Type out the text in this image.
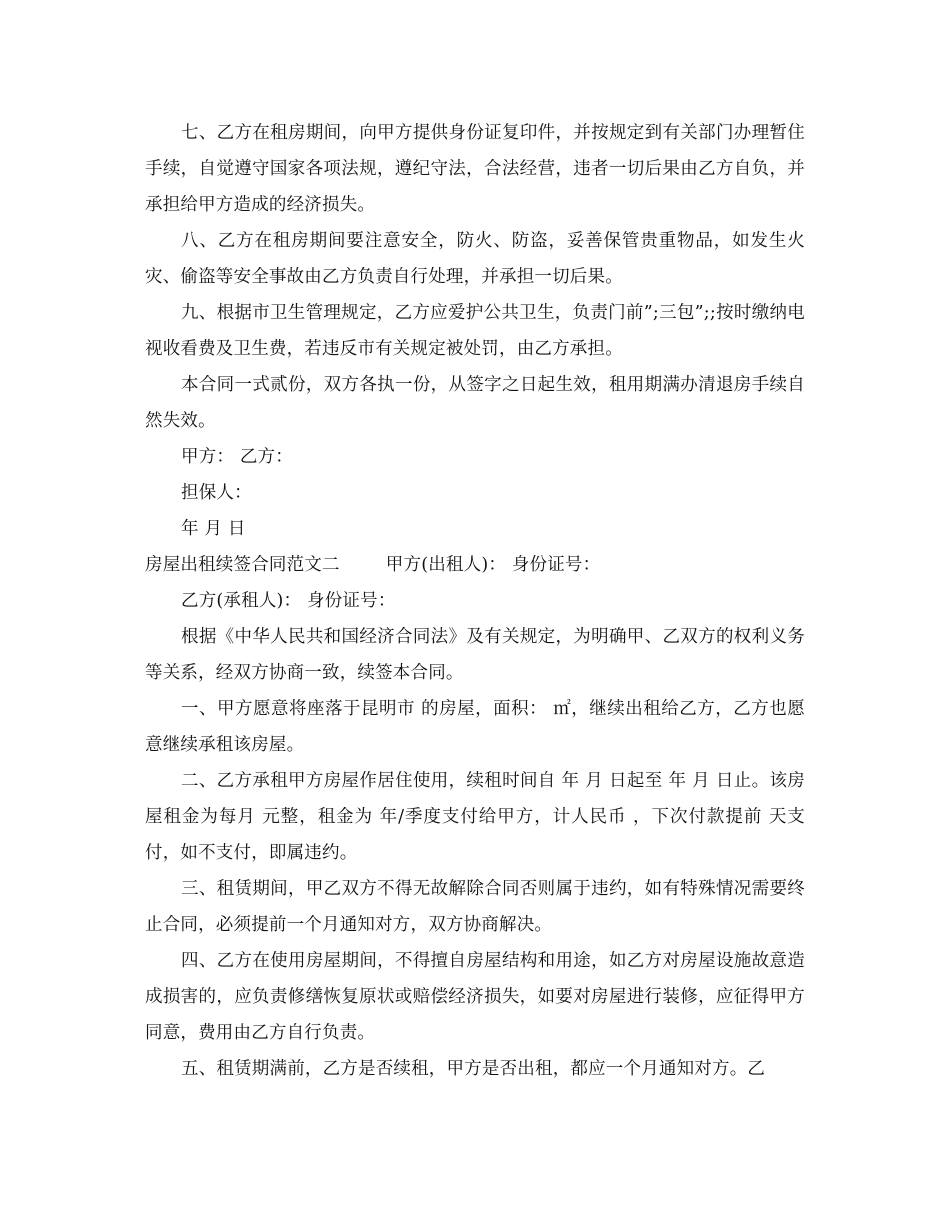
七、乙方在租房期间，向甲方提供身份证复印件，并按规定到有关部门办理暂住手续，自觉遵守国家各项法规，遵纪守法，合法经营，违者一切后果由乙方自负，并承担给甲方造成的经济损失。

八、乙方在租房期间要注意安全，防火、防盗，妥善保管贵重物品，如发生火灾、偷盗等安全事故由乙方负责自行处理，并承担一切后果。

九、根据市卫生管理规定，乙方应爱护公共卫生，负责门前”;三包”;;按时缴纳电视收看费及卫生费，若违反市有关规定被处罚，由乙方承担。

本合同一式贰份，双方各执一份，从签字之日起生效，租用期满办清退房手续自然失效。

甲方： 乙方：

担保人：

年 月 日

房屋出租续签合同范文二        甲方(出租人)： 身份证号：

乙方(承租人)： 身份证号：

根据《中华人民共和国经济合同法》及有关规定，为明确甲、乙双方的权利义务等关系，经双方协商一致，续签本合同。

一、甲方愿意将座落于昆明市 的房屋，面积： ㎡，继续出租给乙方，乙方也愿意继续承租该房屋。

二、乙方承租甲方房屋作居住使用，续租时间自 年 月 日起至 年 月 日止。该房屋租金为每月 元整，租金为 年/季度支付给甲方，计人民币 ，下次付款提前 天支付，如不支付，即属违约。

三、租赁期间，甲乙双方不得无故解除合同否则属于违约，如有特殊情况需要终止合同，必须提前一个月通知对方，双方协商解决。

四、乙方在使用房屋期间，不得擅自房屋结构和用途，如乙方对房屋设施故意造成损害的，应负责修缮恢复原状或赔偿经济损失，如要对房屋进行装修，应征得甲方同意，费用由乙方自行负责。

五、租赁期满前，乙方是否续租，甲方是否出租，都应一个月通知对方。乙
